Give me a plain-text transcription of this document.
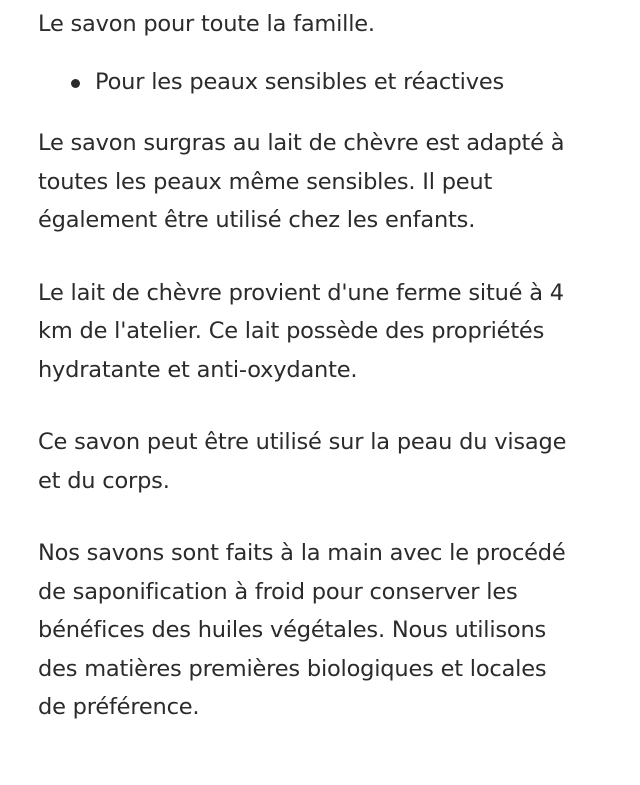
Le savon pour toute la famille.

Pour les peaux sensibles et réactives

Le savon surgras au lait de chèvre est adapté à
toutes les peaux même sensibles. Il peut
également être utilisé chez les enfants.

Le lait de chèvre provient d'une ferme situé à 4
km de l'atelier. Ce lait possède des propriétés
hydratante et anti-oxydante.

Ce savon peut être utilisé sur la peau du visage
et du corps.

Nos savons sont faits à la main avec le procédé
de saponification à froid pour conserver les
bénéfices des huiles végétales. Nous utilisons
des matières premières biologiques et locales
de préférence.
